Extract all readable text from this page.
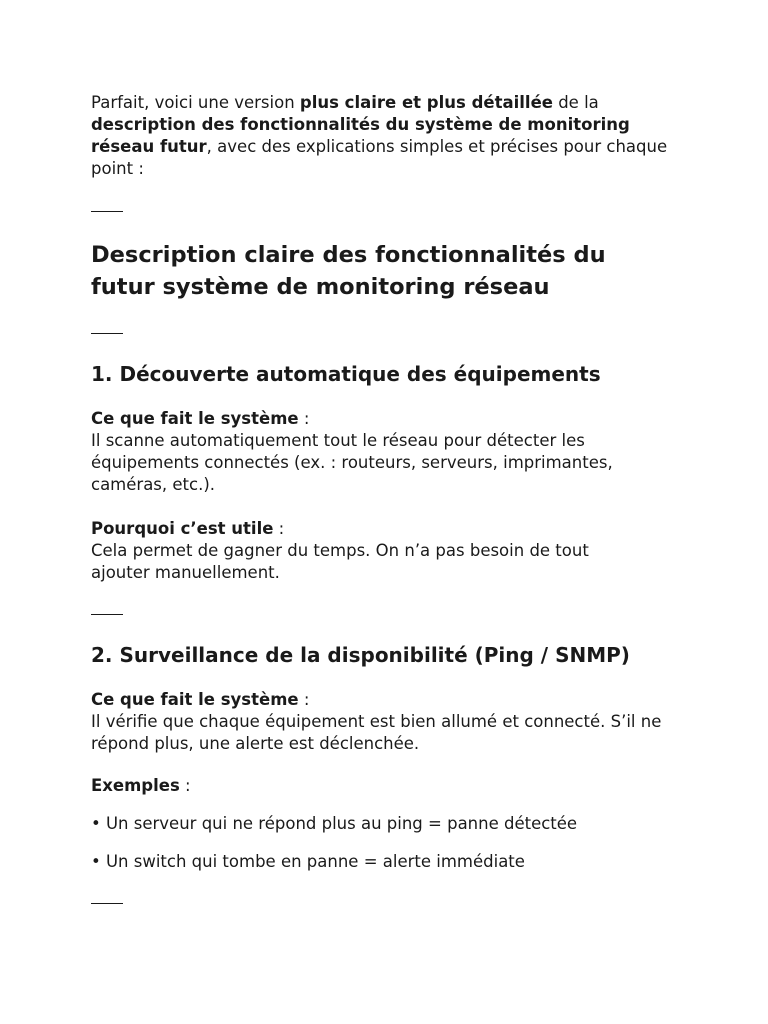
Parfait, voici une version plus claire et plus détaillée de la description des fonctionnalités du système de monitoring réseau futur, avec des explications simples et précises pour chaque point :

Description claire des fonctionnalités du futur système de monitoring réseau
1. Découverte automatique des équipements

Ce que fait le système :

Il scanne automatiquement tout le réseau pour détecter les équipements connectés (ex. : routeurs, serveurs, imprimantes, caméras, etc.).

Pourquoi c’est utile :

Cela permet de gagner du temps. On n’a pas besoin de tout ajouter manuellement.

2. Surveillance de la disponibilité (Ping / SNMP)

Ce que fait le système :

Il vérifie que chaque équipement est bien allumé et connecté. S’il ne répond plus, une alerte est déclenchée.

Exemples :

• Un serveur qui ne répond plus au ping = panne détectée

• Un switch qui tombe en panne = alerte immédiate
